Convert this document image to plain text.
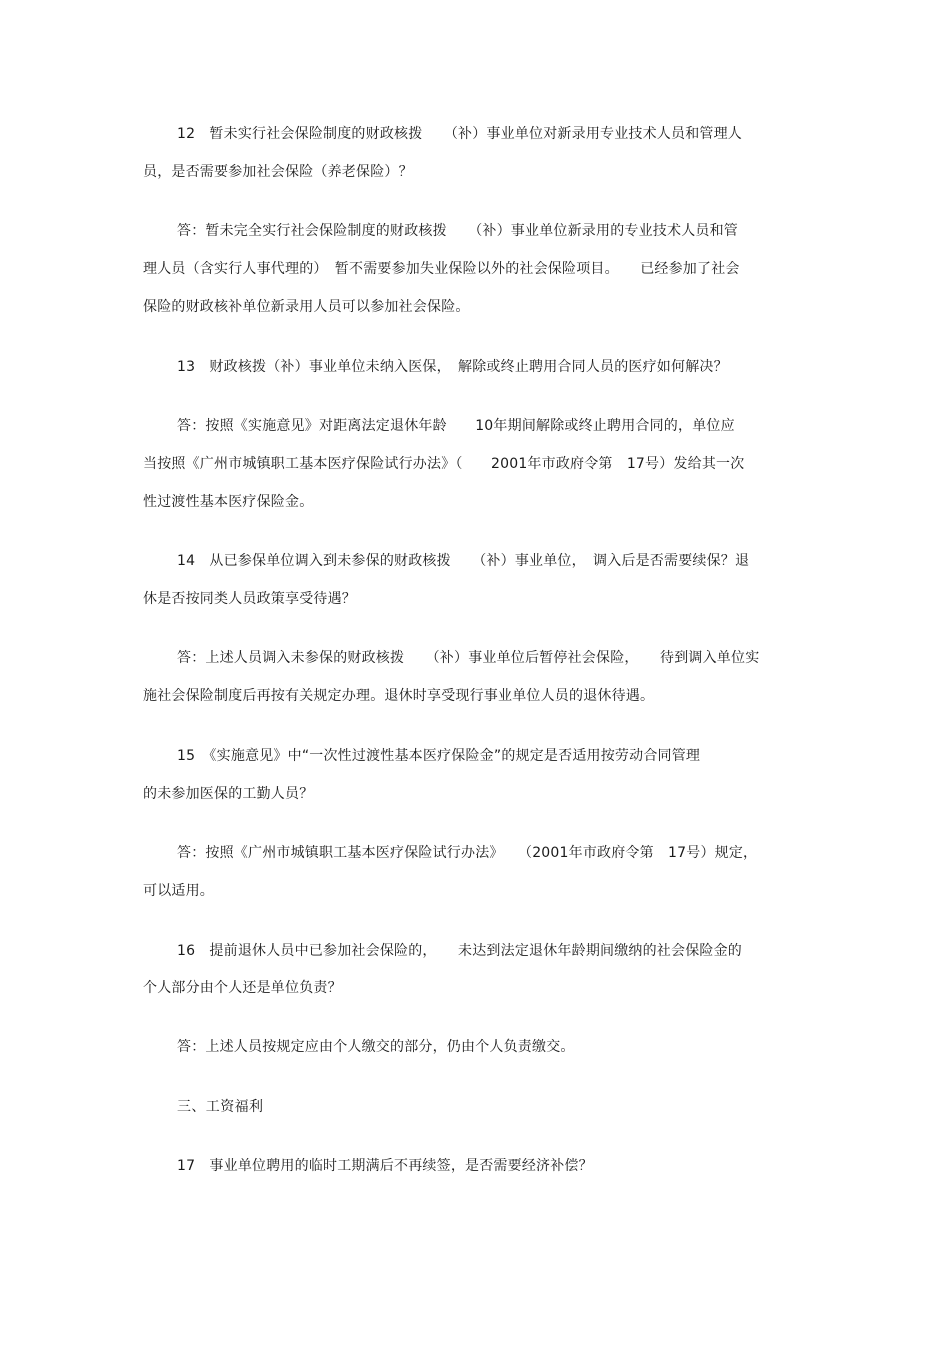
12　暂未实行社会保险制度的财政核拨　　（补）事业单位对新录用专业技术人员和管理人
员，是否需要参加社会保险（养老保险）？
答：暂未完全实行社会保险制度的财政核拨　　（补）事业单位新录用的专业技术人员和管
理人员（含实行人事代理的）　暂不需要参加失业保险以外的社会保险项目。　　已经参加了社会
保险的财政核补单位新录用人员可以参加社会保险。
13　财政核拨（补）事业单位未纳入医保，　解除或终止聘用合同人员的医疗如何解决？
答：按照《实施意见》对距离法定退休年龄　　10年期间解除或终止聘用合同的，单位应
当按照《广州市城镇职工基本医疗保险试行办法》（　　2001年市政府令第　17号）发给其一次
性过渡性基本医疗保险金。
14　从已参保单位调入到未参保的财政核拨　　（补）事业单位，　调入后是否需要续保？退
休是否按同类人员政策享受待遇？
答：上述人员调入未参保的财政核拨　　（补）事业单位后暂停社会保险，　　待到调入单位实
施社会保险制度后再按有关规定办理。退休时享受现行事业单位人员的退休待遇。
15　《实施意见》中“一次性过渡性基本医疗保险金”的规定是否适用按劳动合同管理
的未参加医保的工勤人员？
答：按照《广州市城镇职工基本医疗保险试行办法》　　（2001年市政府令第　17号）规定，
可以适用。
16　提前退休人员中已参加社会保险的，　　未达到法定退休年龄期间缴纳的社会保险金的
个人部分由个人还是单位负责？
答：上述人员按规定应由个人缴交的部分，仍由个人负责缴交。
三、工资福利
17　事业单位聘用的临时工期满后不再续签，是否需要经济补偿？
